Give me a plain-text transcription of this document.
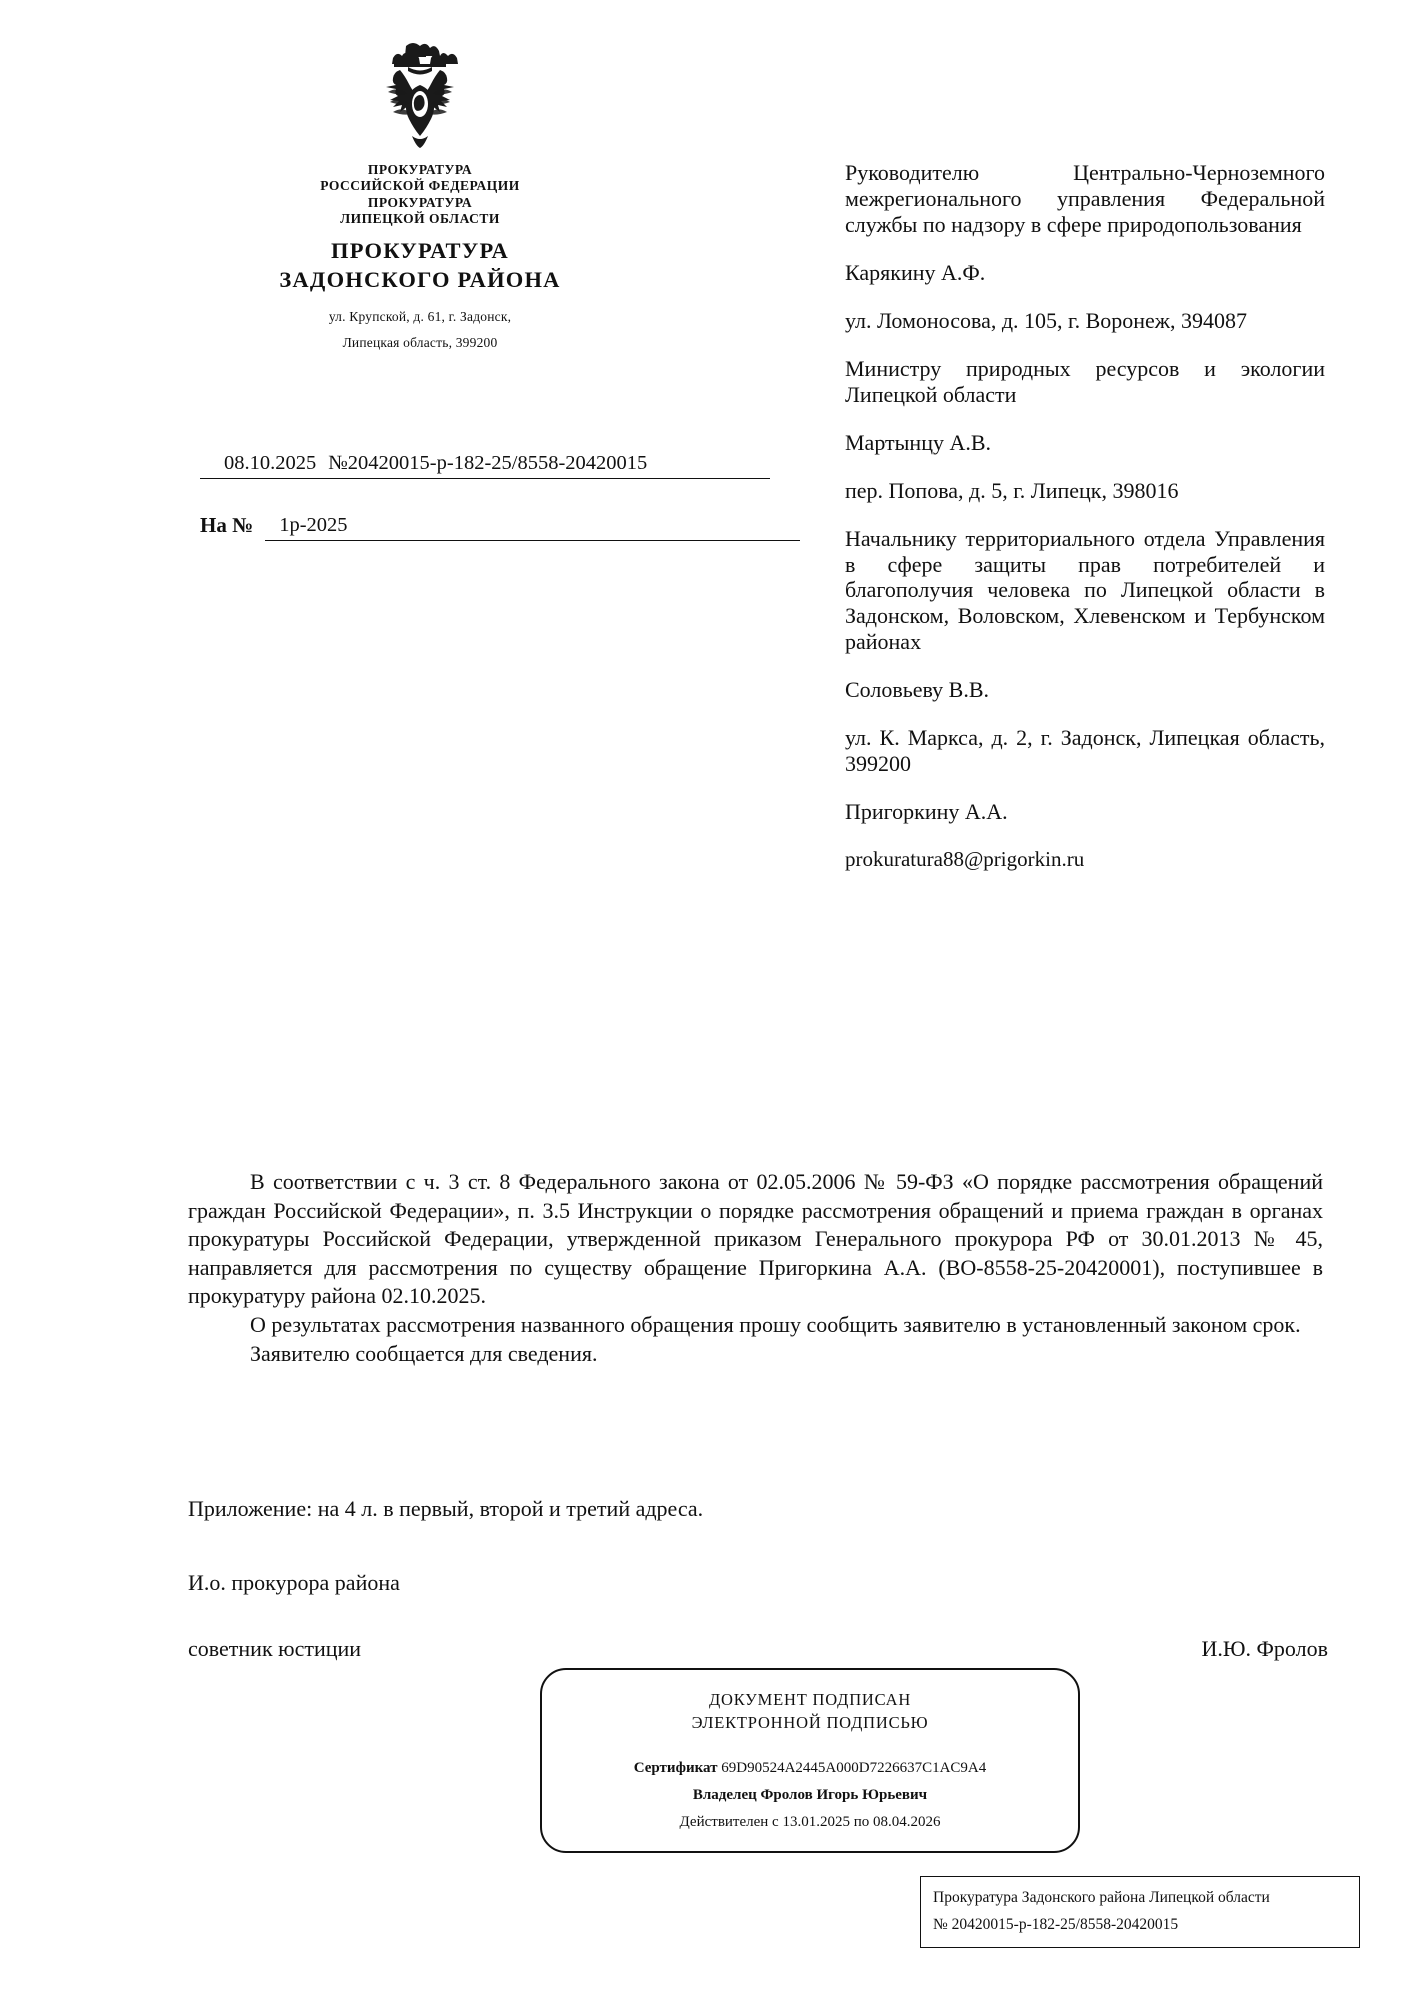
ПРОКУРАТУРА
РОССИЙСКОЙ ФЕДЕРАЦИИ
ПРОКУРАТУРА
ЛИПЕЦКОЙ ОБЛАСТИ
ПРОКУРАТУРА
ЗАДОНСКОГО РАЙОНА
ул. Крупской, д. 61, г. Задонск,
Липецкая область, 399200
08.10.2025 №20420015-р-182-25/8558-20420015
На №	1р-2025
Руководителю Центрально-Черноземного межрегионального управления Федеральной службы по надзору в сфере природопользования
Карякину А.Ф.
ул. Ломоносова, д. 105, г. Воронеж, 394087
Министру природных ресурсов и экологии Липецкой области
Мартынцу А.В.
пер. Попова, д. 5, г. Липецк, 398016
Начальнику территориального отдела Управления в сфере защиты прав потребителей и благополучия человека по Липецкой области в Задонском, Воловском, Хлевенском и Тербунском районах
Соловьеву В.В.
ул. К. Маркса, д. 2, г. Задонск, Липецкая область, 399200
Пригоркину А.А.
prokuratura88@prigorkin.ru

В соответствии с ч. 3 ст. 8 Федерального закона от 02.05.2006 № 59-ФЗ «О порядке рассмотрения обращений граждан Российской Федерации», п. 3.5 Инструкции о порядке рассмотрения обращений и приема граждан в органах прокуратуры Российской Федерации, утвержденной приказом Генерального прокурора РФ от 30.01.2013 № 45, направляется для рассмотрения по существу обращение Пригоркина А.А. (ВО-8558-25-20420001), поступившее в прокуратуру района 02.10.2025.

О результатах рассмотрения названного обращения прошу сообщить заявителю в установленный законом срок.

Заявителю сообщается для сведения.

Приложение: на 4 л. в первый, второй и третий адреса.
И.о. прокурора района
советник юстиции	И.Ю. Фролов
ДОКУМЕНТ ПОДПИСАН
ЭЛЕКТРОННОЙ ПОДПИСЬЮ
Сертификат 69D90524A2445A000D7226637C1AC9A4
Владелец Фролов Игорь Юрьевич
Действителен с 13.01.2025 по 08.04.2026
Прокуратура Задонского района Липецкой области
№ 20420015-р-182-25/8558-20420015
